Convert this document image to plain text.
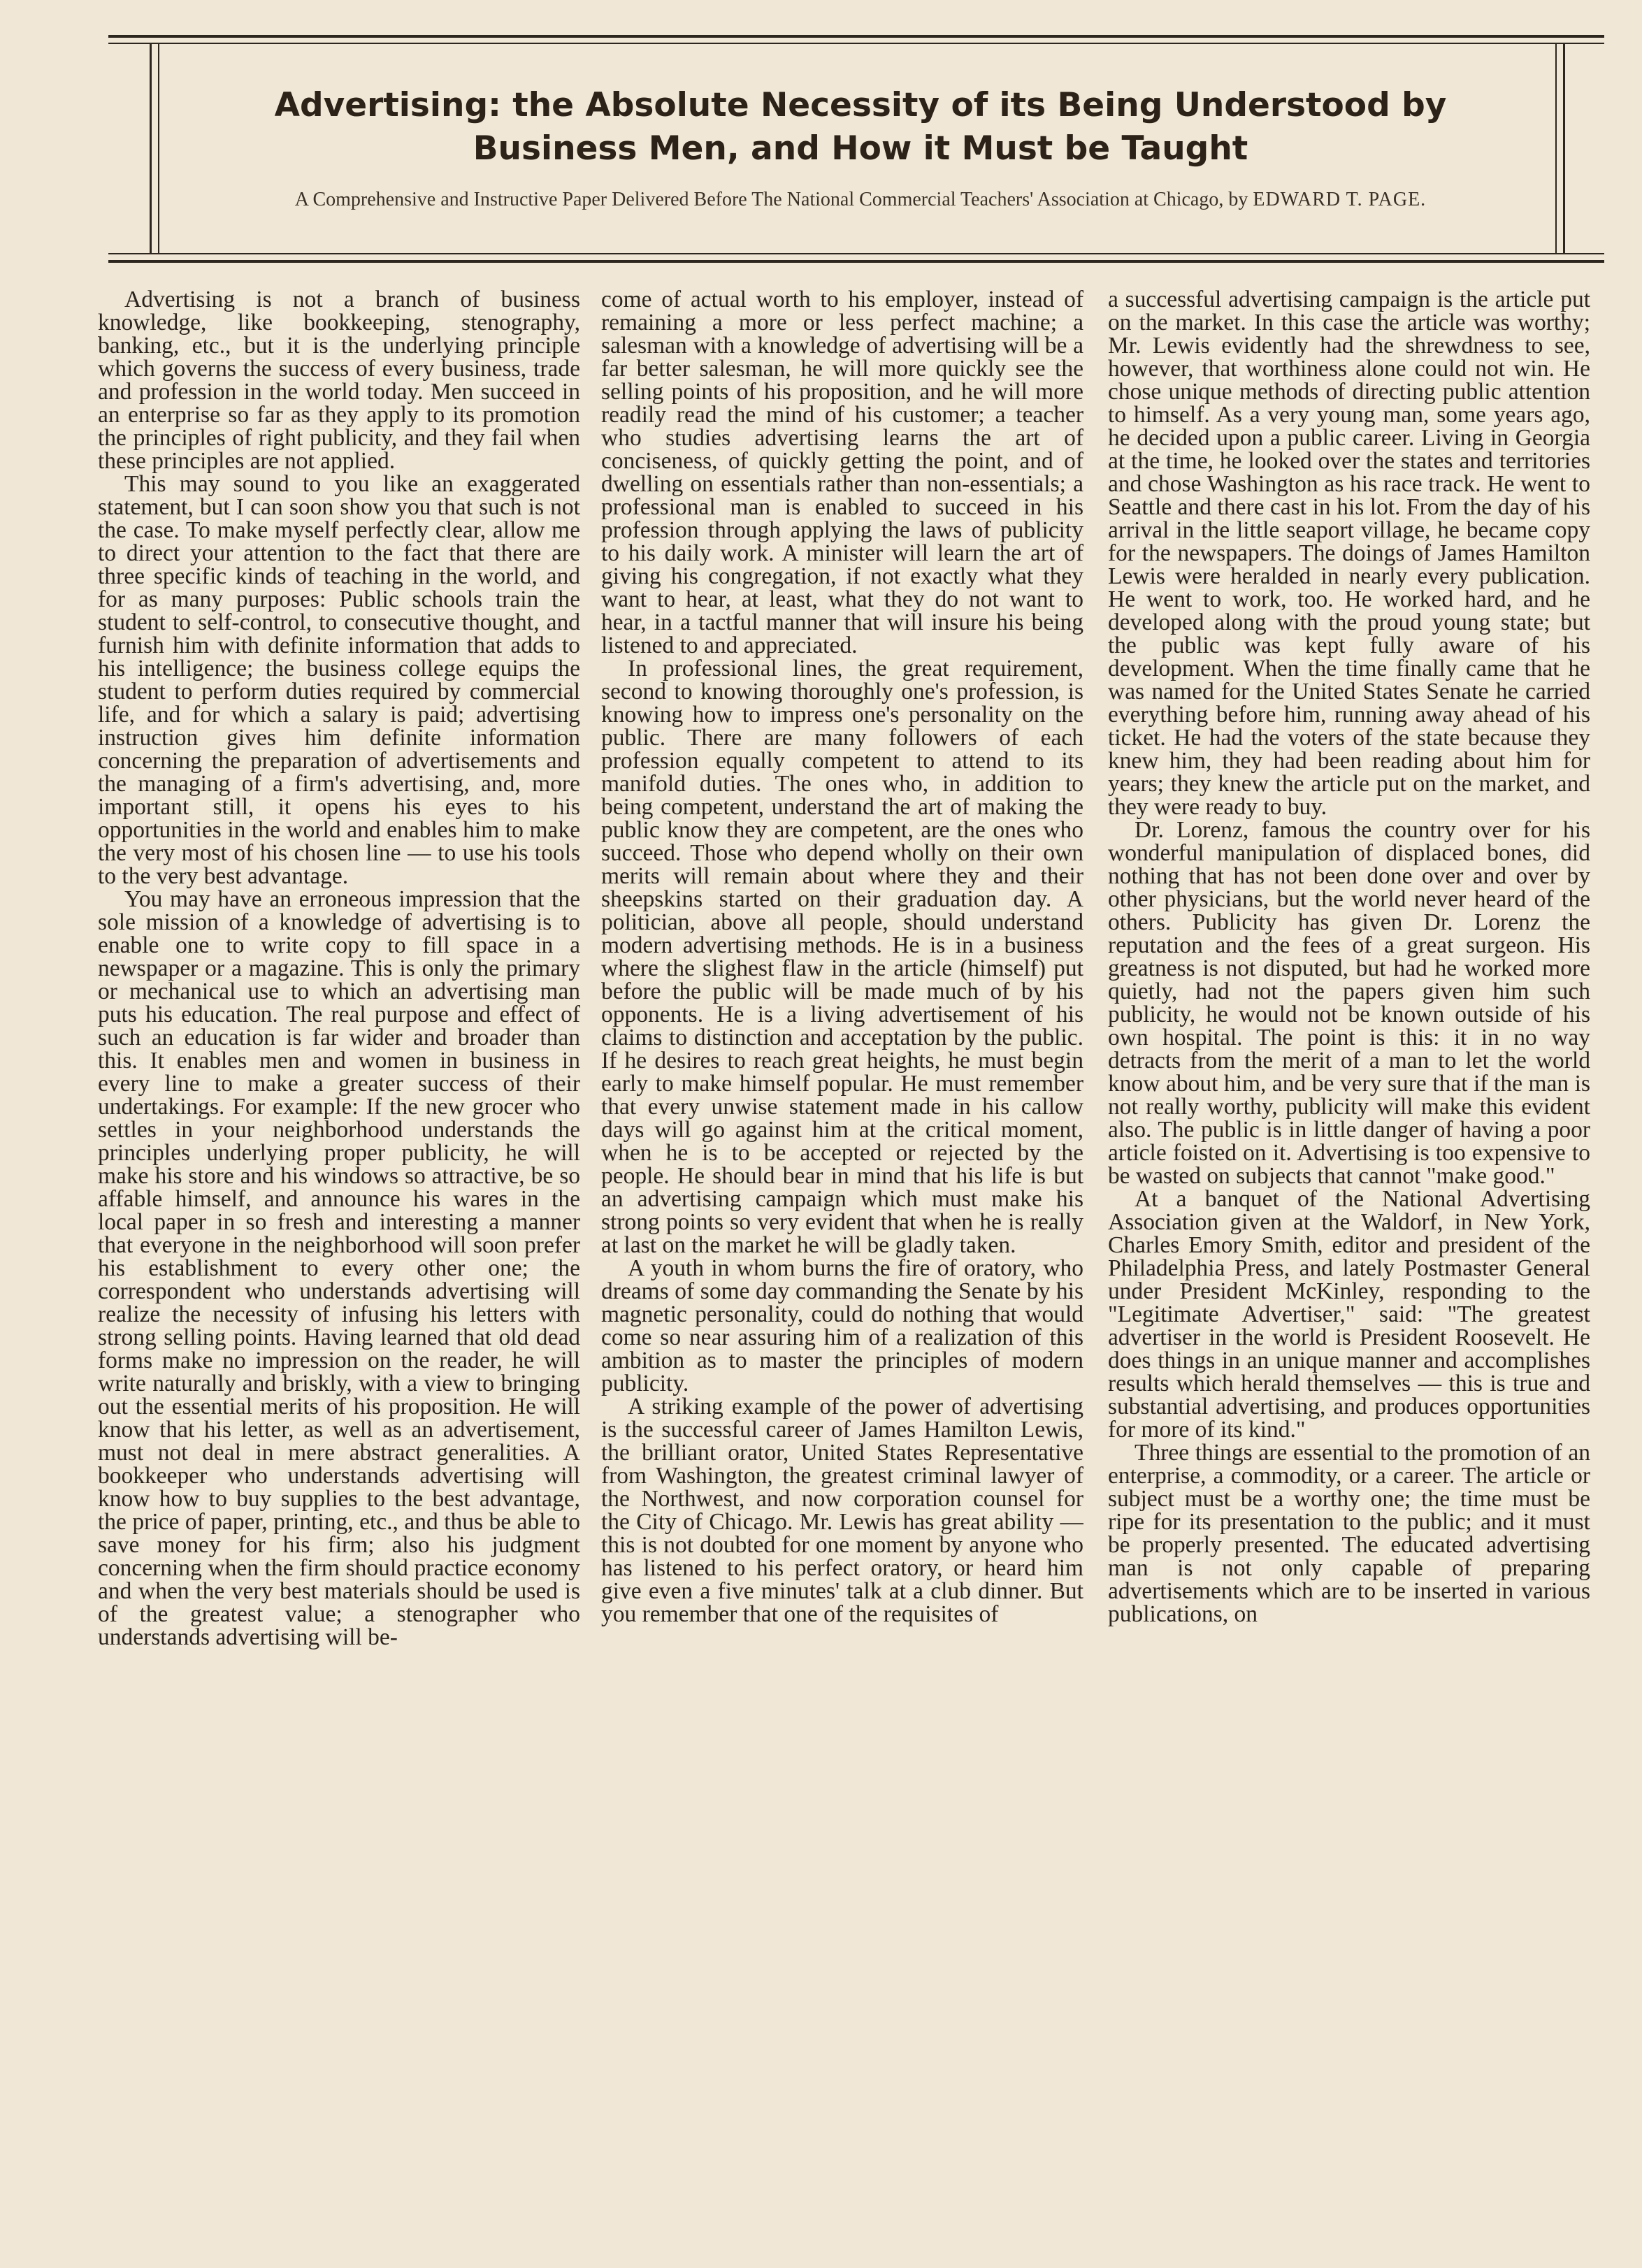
Advertising: the Absolute Necessity of its Being Understood by Business Men, and How it Must be Taught
A Comprehensive and Instructive Paper Delivered Before The National Commercial Teachers' Association at Chicago, by EDWARD T. PAGE.

Advertising is not a branch of business knowledge, like bookkeeping, stenography, banking, etc., but it is the underlying principle which governs the success of every business, trade and profession in the world today. Men succeed in an enterprise so far as they apply to its promotion the principles of right publicity, and they fail when these principles are not applied.

This may sound to you like an exaggerated statement, but I can soon show you that such is not the case. To make myself perfectly clear, allow me to direct your attention to the fact that there are three specific kinds of teaching in the world, and for as many purposes: Public schools train the student to self-control, to consecutive thought, and furnish him with definite information that adds to his intelligence; the business college equips the student to perform duties required by commercial life, and for which a salary is paid; advertising instruction gives him definite information concerning the preparation of advertisements and the managing of a firm's advertising, and, more important still, it opens his eyes to his opportunities in the world and enables him to make the very most of his chosen line — to use his tools to the very best advantage.

You may have an erroneous impression that the sole mission of a knowledge of advertising is to enable one to write copy to fill space in a newspaper or a magazine. This is only the primary or mechanical use to which an advertising man puts his education. The real purpose and effect of such an education is far wider and broader than this. It enables men and women in business in every line to make a greater success of their undertakings. For example: If the new grocer who settles in your neighborhood understands the principles underlying proper publicity, he will make his store and his windows so attractive, be so affable himself, and announce his wares in the local paper in so fresh and interesting a manner that everyone in the neighborhood will soon prefer his establishment to every other one; the correspondent who understands advertising will realize the necessity of infusing his letters with strong selling points. Having learned that old dead forms make no impression on the reader, he will write naturally and briskly, with a view to bringing out the essential merits of his proposition. He will know that his letter, as well as an advertisement, must not deal in mere abstract generalities. A bookkeeper who understands advertising will know how to buy supplies to the best advantage, the price of paper, printing, etc., and thus be able to save money for his firm; also his judgment concerning when the firm should practice economy and when the very best materials should be used is of the greatest value; a stenographer who understands advertising will be-

come of actual worth to his employer, instead of remaining a more or less perfect machine; a salesman with a knowledge of advertising will be a far better salesman, he will more quickly see the selling points of his proposition, and he will more readily read the mind of his customer; a teacher who studies advertising learns the art of conciseness, of quickly getting the point, and of dwelling on essentials rather than non-essentials; a professional man is enabled to succeed in his profession through applying the laws of publicity to his daily work. A minister will learn the art of giving his congregation, if not exactly what they want to hear, at least, what they do not want to hear, in a tactful manner that will insure his being listened to and appreciated.

In professional lines, the great requirement, second to knowing thoroughly one's profession, is knowing how to impress one's personality on the public. There are many followers of each profession equally competent to attend to its manifold duties. The ones who, in addition to being competent, understand the art of making the public know they are competent, are the ones who succeed. Those who depend wholly on their own merits will remain about where they and their sheepskins started on their graduation day. A politician, above all people, should understand modern advertising methods. He is in a business where the slighest flaw in the article (himself) put before the public will be made much of by his opponents. He is a living advertisement of his claims to distinction and acceptation by the public. If he desires to reach great heights, he must begin early to make himself popular. He must remember that every unwise statement made in his callow days will go against him at the critical moment, when he is to be accepted or rejected by the people. He should bear in mind that his life is but an advertising campaign which must make his strong points so very evident that when he is really at last on the market he will be gladly taken.

A youth in whom burns the fire of oratory, who dreams of some day commanding the Senate by his magnetic personality, could do nothing that would come so near assuring him of a realization of this ambition as to master the principles of modern publicity.

A striking example of the power of advertising is the successful career of James Hamilton Lewis, the brilliant orator, United States Representative from Washington, the greatest criminal lawyer of the Northwest, and now corporation counsel for the City of Chicago. Mr. Lewis has great ability — this is not doubted for one moment by anyone who has listened to his perfect oratory, or heard him give even a five minutes' talk at a club dinner. But you remember that one of the requisites of

a successful advertising campaign is the article put on the market. In this case the article was worthy; Mr. Lewis evidently had the shrewdness to see, however, that worthiness alone could not win. He chose unique methods of directing public attention to himself. As a very young man, some years ago, he decided upon a public career. Living in Georgia at the time, he looked over the states and territories and chose Washington as his race track. He went to Seattle and there cast in his lot. From the day of his arrival in the little seaport village, he became copy for the newspapers. The doings of James Hamilton Lewis were heralded in nearly every publication. He went to work, too. He worked hard, and he developed along with the proud young state; but the public was kept fully aware of his development. When the time finally came that he was named for the United States Senate he carried everything before him, running away ahead of his ticket. He had the voters of the state because they knew him, they had been reading about him for years; they knew the article put on the market, and they were ready to buy.

Dr. Lorenz, famous the country over for his wonderful manipulation of displaced bones, did nothing that has not been done over and over by other physicians, but the world never heard of the others. Publicity has given Dr. Lorenz the reputation and the fees of a great surgeon. His greatness is not disputed, but had he worked more quietly, had not the papers given him such publicity, he would not be known outside of his own hospital. The point is this: it in no way detracts from the merit of a man to let the world know about him, and be very sure that if the man is not really worthy, publicity will make this evident also. The public is in little danger of having a poor article foisted on it. Advertising is too expensive to be wasted on subjects that cannot "make good."

At a banquet of the National Advertising Association given at the Waldorf, in New York, Charles Emory Smith, editor and president of the Philadelphia Press, and lately Postmaster General under President McKinley, responding to the "Legitimate Advertiser," said: "The greatest advertiser in the world is President Roosevelt. He does things in an unique manner and accomplishes results which herald themselves — this is true and substantial advertising, and produces opportunities for more of its kind."

Three things are essential to the promotion of an enterprise, a commodity, or a career. The article or subject must be a worthy one; the time must be ripe for its presentation to the public; and it must be properly presented. The educated advertising man is not only capable of preparing advertisements which are to be inserted in various publications, on
